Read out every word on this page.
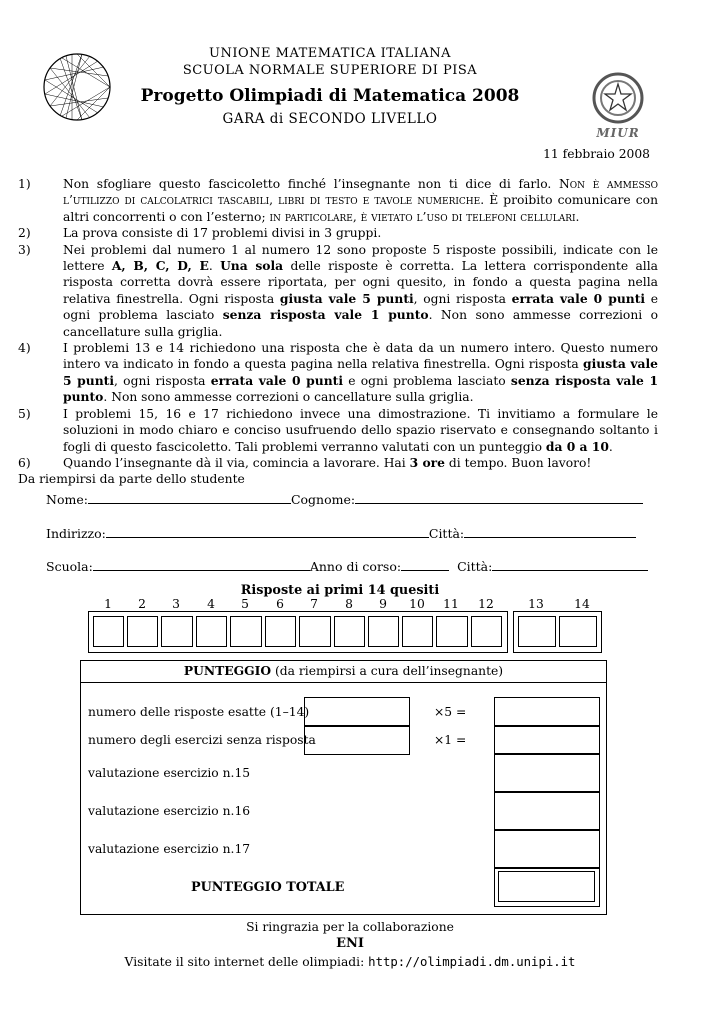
MIUR
UNIONE MATEMATICA ITALIANA
SCUOLA NORMALE SUPERIORE DI PISA
Progetto Olimpiadi di Matematica 2008
GARA di SECONDO LIVELLO
11 febbraio 2008
1)	Non sfogliare questo fascicoletto finché l’insegnante non ti dice di farlo. Non è ammesso l’utilizzo di calcolatrici tascabili, libri di testo e tavole numeriche. È proibito comunicare con altri concorrenti o con l’esterno; in particolare, è vietato l’uso di telefoni cellulari.
2)	La prova consiste di 17 problemi divisi in 3 gruppi.
3)	Nei problemi dal numero 1 al numero 12 sono proposte 5 risposte possibili, indicate con le lettere A, B, C, D, E. Una sola delle risposte è corretta. La lettera corrispondente alla risposta corretta dovrà essere riportata, per ogni quesito, in fondo a questa pagina nella relativa finestrella. Ogni risposta giusta vale 5 punti, ogni risposta errata vale 0 punti e ogni problema lasciato senza risposta vale 1 punto. Non sono ammesse correzioni o cancellature sulla griglia.
4)	I problemi 13 e 14 richiedono una risposta che è data da un numero intero. Questo numero intero va indicato in fondo a questa pagina nella relativa finestrella. Ogni risposta giusta vale 5 punti, ogni risposta errata vale 0 punti e ogni problema lasciato senza risposta vale 1 punto. Non sono ammesse correzioni o cancellature sulla griglia.
5)	I problemi 15, 16 e 17 richiedono invece una dimostrazione. Ti invitiamo a formulare le soluzioni in modo chiaro e conciso usufruendo dello spazio riservato e consegnando soltanto i fogli di questo fascicoletto. Tali problemi verranno valutati con un punteggio da 0 a 10.
6)	Quando l’insegnante dà il via, comincia a lavorare. Hai 3 ore di tempo. Buon lavoro!
Da riempirsi da parte dello studente
Nome:	Cognome:
Indirizzo:	Città:
Scuola:	Anno di corso:	Città:
Risposte ai primi 14 quesiti
1	2	3	4	5	6	7	8	9	10 11 12	13 14
PUNTEGGIO (da riempirsi a cura dell’insegnante)
numero delle risposte esatte (1–14)	×5 =
numero degli esercizi senza risposta	×1 =
valutazione esercizio n.15
valutazione esercizio n.16
valutazione esercizio n.17
PUNTEGGIO TOTALE
Si ringrazia per la collaborazione
ENI
Visitate il sito internet delle olimpiadi: http://olimpiadi.dm.unipi.it
